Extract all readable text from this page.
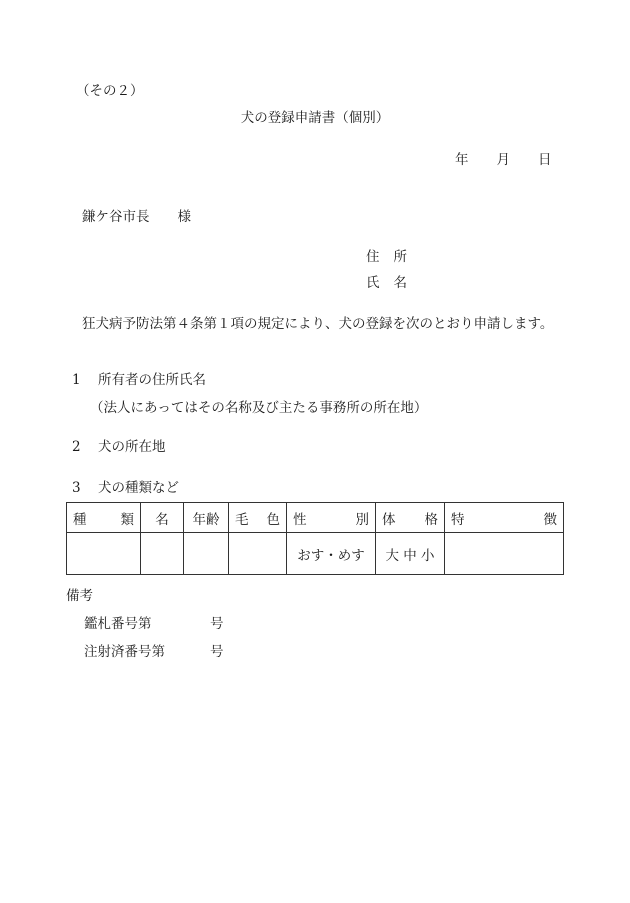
（その２）
犬の登録申請書（個別）
年 月 日
鎌ケ谷市長 様
住所
氏名
狂犬病予防法第４条第１項の規定により、犬の登録を次のとおり申請します。
1 所有者の住所氏名
（法人にあってはその名称及び主たる事務所の所在地）
2 犬の所在地
3 犬の種類など
種 類	名	年齢	毛 色	性 別	体 格	特 徴

				おす・めす	大 中 小	
備考
鑑札番号第	号
注射済番号第	号
